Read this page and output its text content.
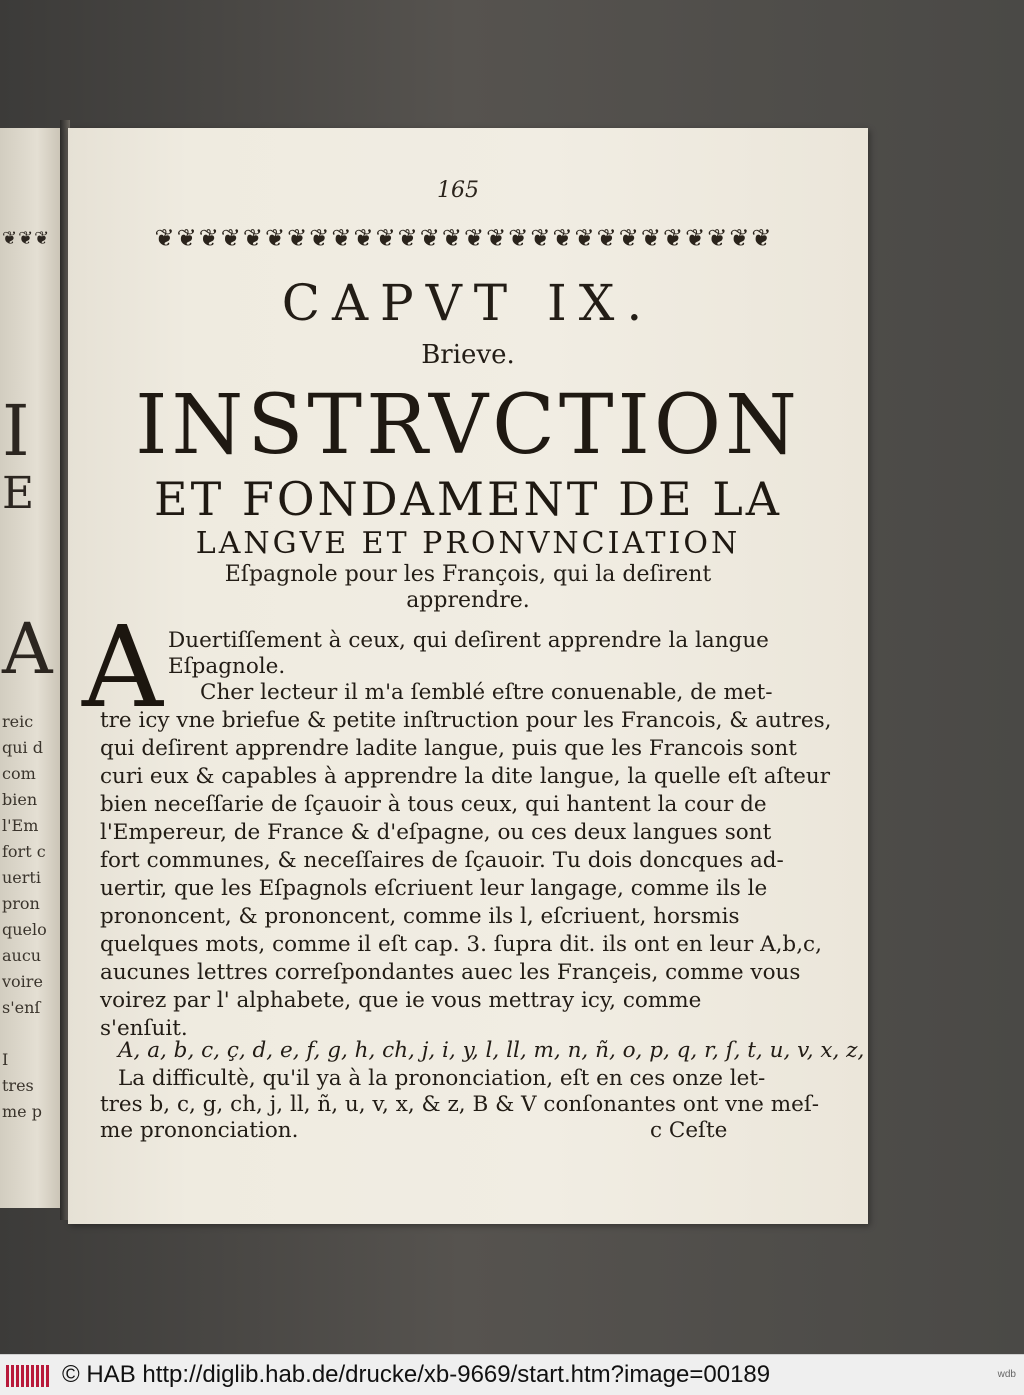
❦❦❦
I
E
A
reic
qui d
com
bien
l'Em
fort c
uerti
pron
quelo
aucu
voire
s'enſ
I
tres
me p
165
❦❦❦❦❦❦❦❦❦❦❦❦❦❦❦❦❦❦❦❦❦❦❦❦❦❦❦❦
CAPVT IX.
Brieve.
INSTRVCTION
ET FONDAMENT DE LA
LANGVE ET PRONVNCIATION
Eſpagnole pour les François, qui la deſirent
apprendre.
A Duertiſſement à ceux, qui deſirent apprendre la langue
Eſpagnole.
Cher lecteur il m'a ſemblé eſtre conuenable, de met-
tre icy vne briefue & petite inſtruction pour les Francois, & autres,
qui deſirent apprendre ladite langue, puis que les Francois sont
curi eux & capables à apprendre la dite langue, la quelle eſt aſteur
bien neceſſarie de ſçauoir à tous ceux, qui hantent la cour de
l'Empereur, de France & d'eſpagne, ou ces deux langues sont
fort communes, & neceſſaires de ſçauoir. Tu dois doncques ad-
uertir, que les Eſpagnols eſcriuent leur langage, comme ils le
prononcent, & prononcent, comme ils l, eſcriuent, horsmis
quelques mots, comme il eſt cap. 3. ſupra dit. ils ont en leur A,b,c,
aucunes lettres correſpondantes auec les Françeis, comme vous
voirez par l' alphabete, que ie vous mettray icy, comme
s'enſuit.
A, a, b, c, ç, d, e, f, g, h, ch, j, i, y, l, ll, m, n, ñ, o, p, q, r, ſ, t, u, v, x, z,
La difficultè, qu'il ya à la prononciation, eſt en ces onze let-
tres b, c, g, ch, j, ll, ñ, u, v, x, & z, B & V conſonantes ont vne meſ-
me prononciation.	c Ceſte
© HAB http://diglib.hab.de/drucke/xb-9669/start.htm?image=00189	wdb
